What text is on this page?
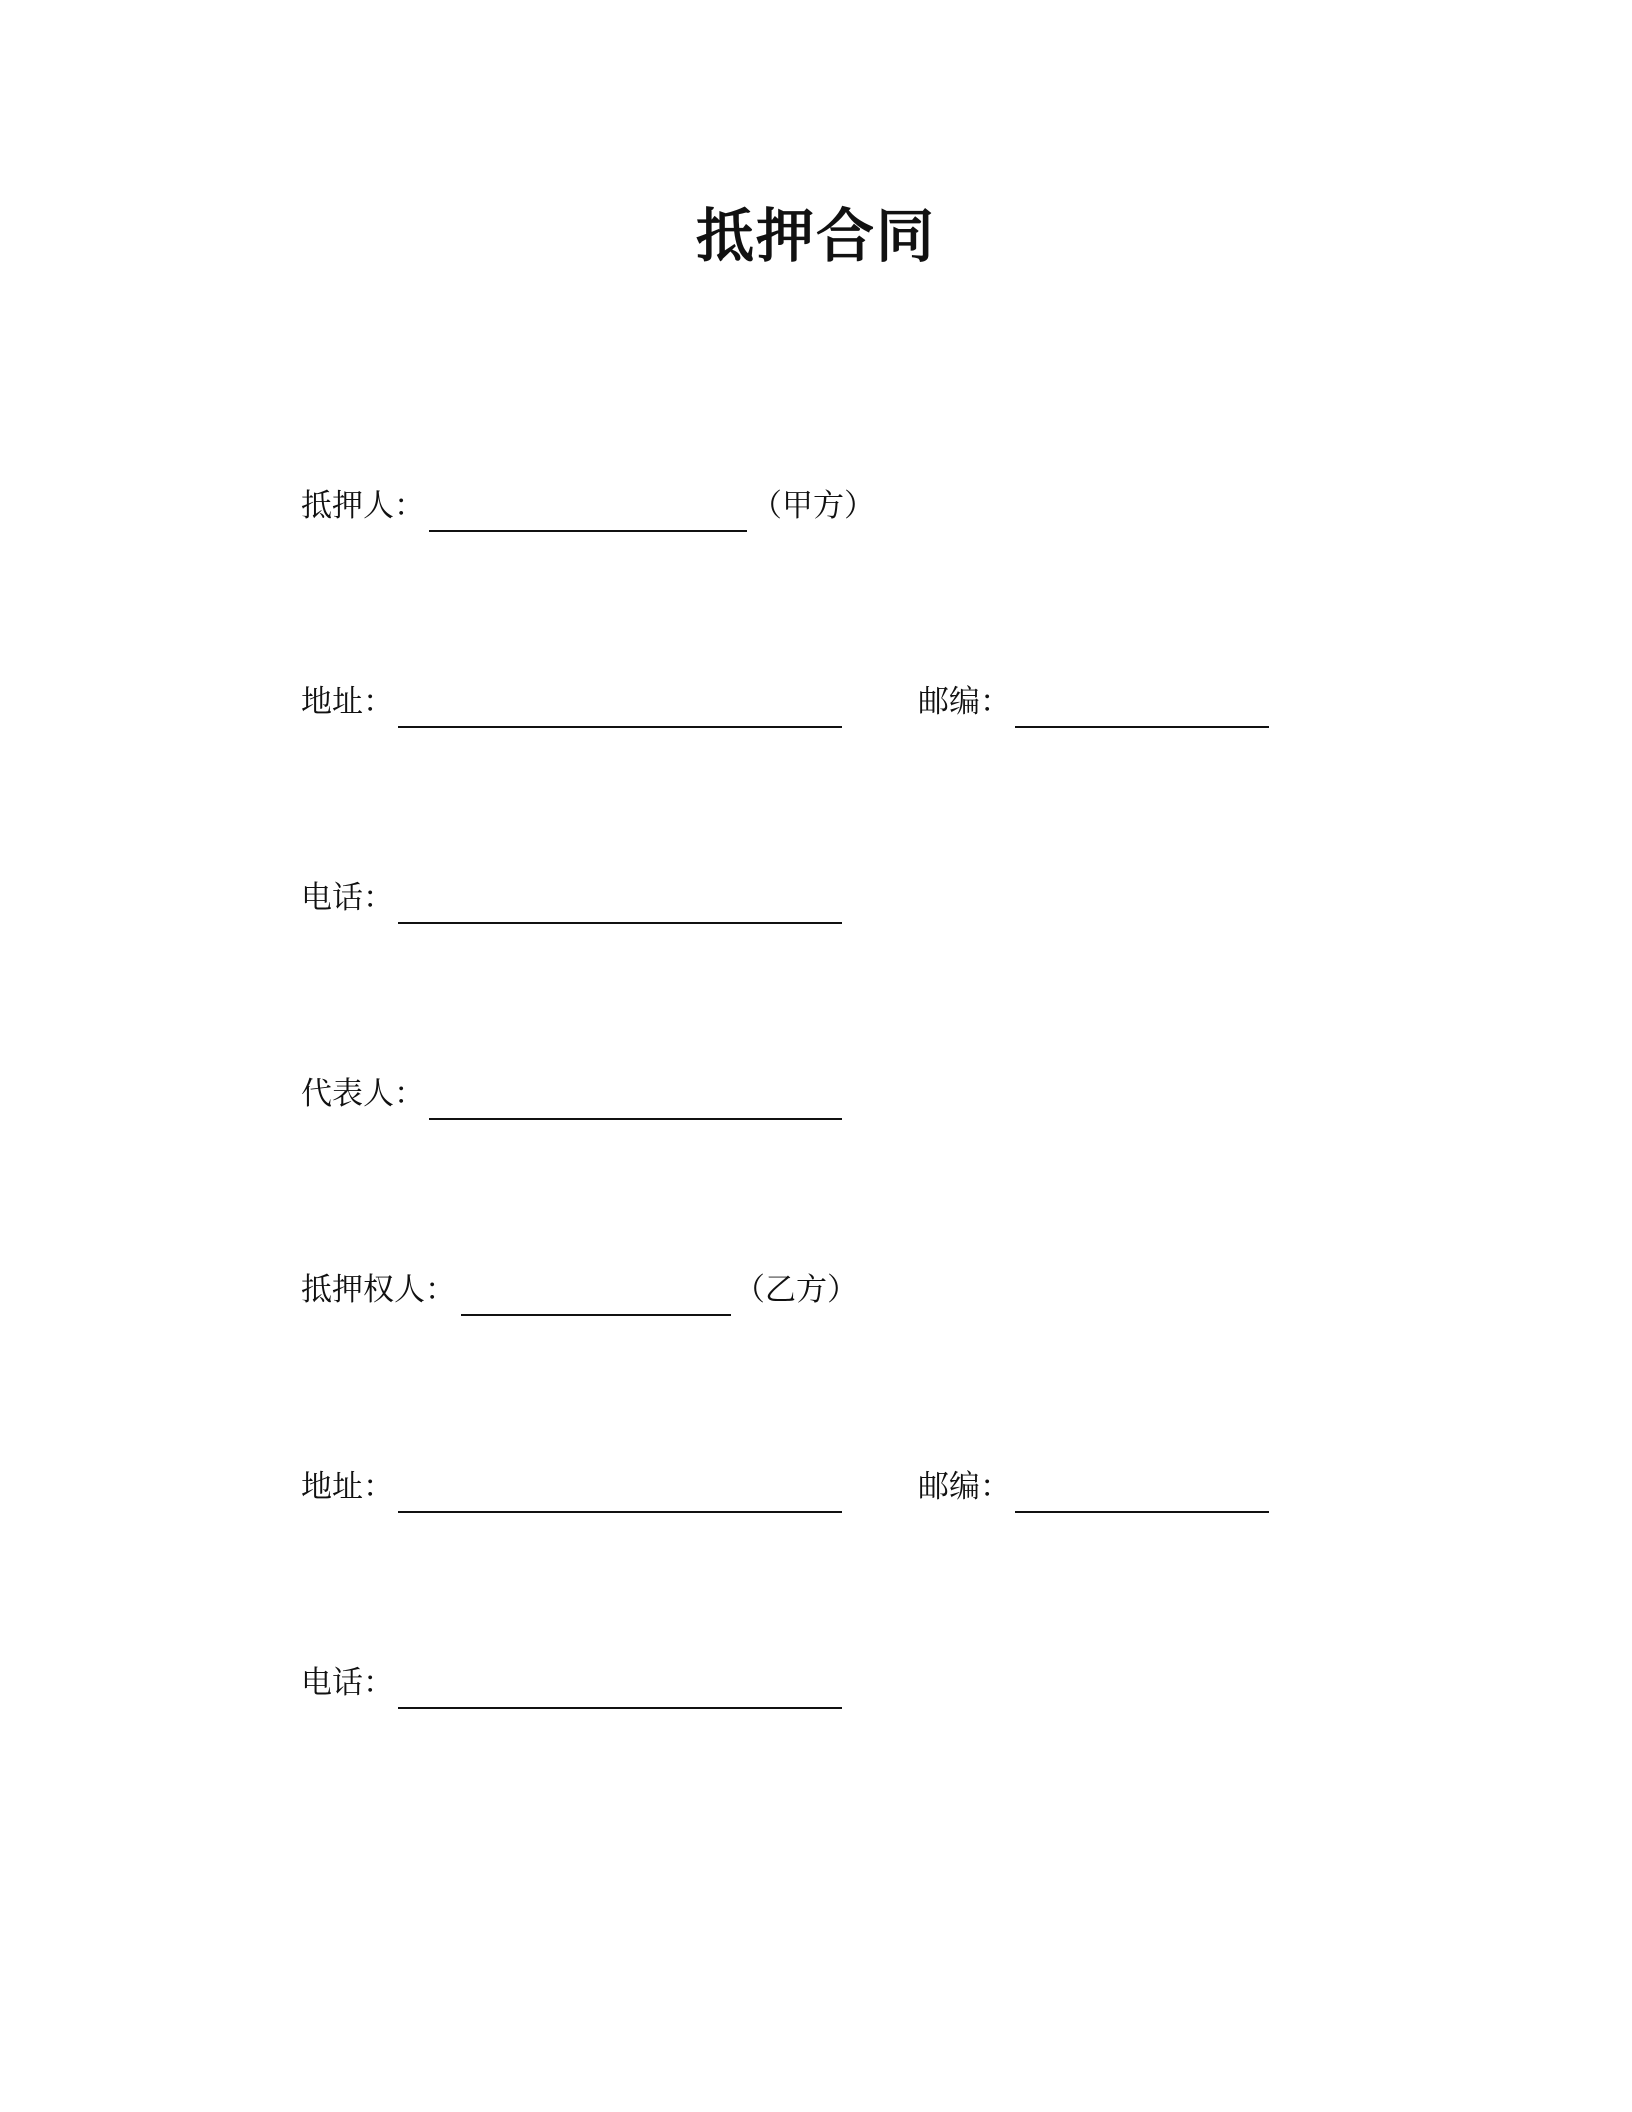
抵押合同
抵押人：	（甲方）
地址：	邮编：
电话：
代表人：
抵押权人：	（乙方）
地址：	邮编：
电话：
